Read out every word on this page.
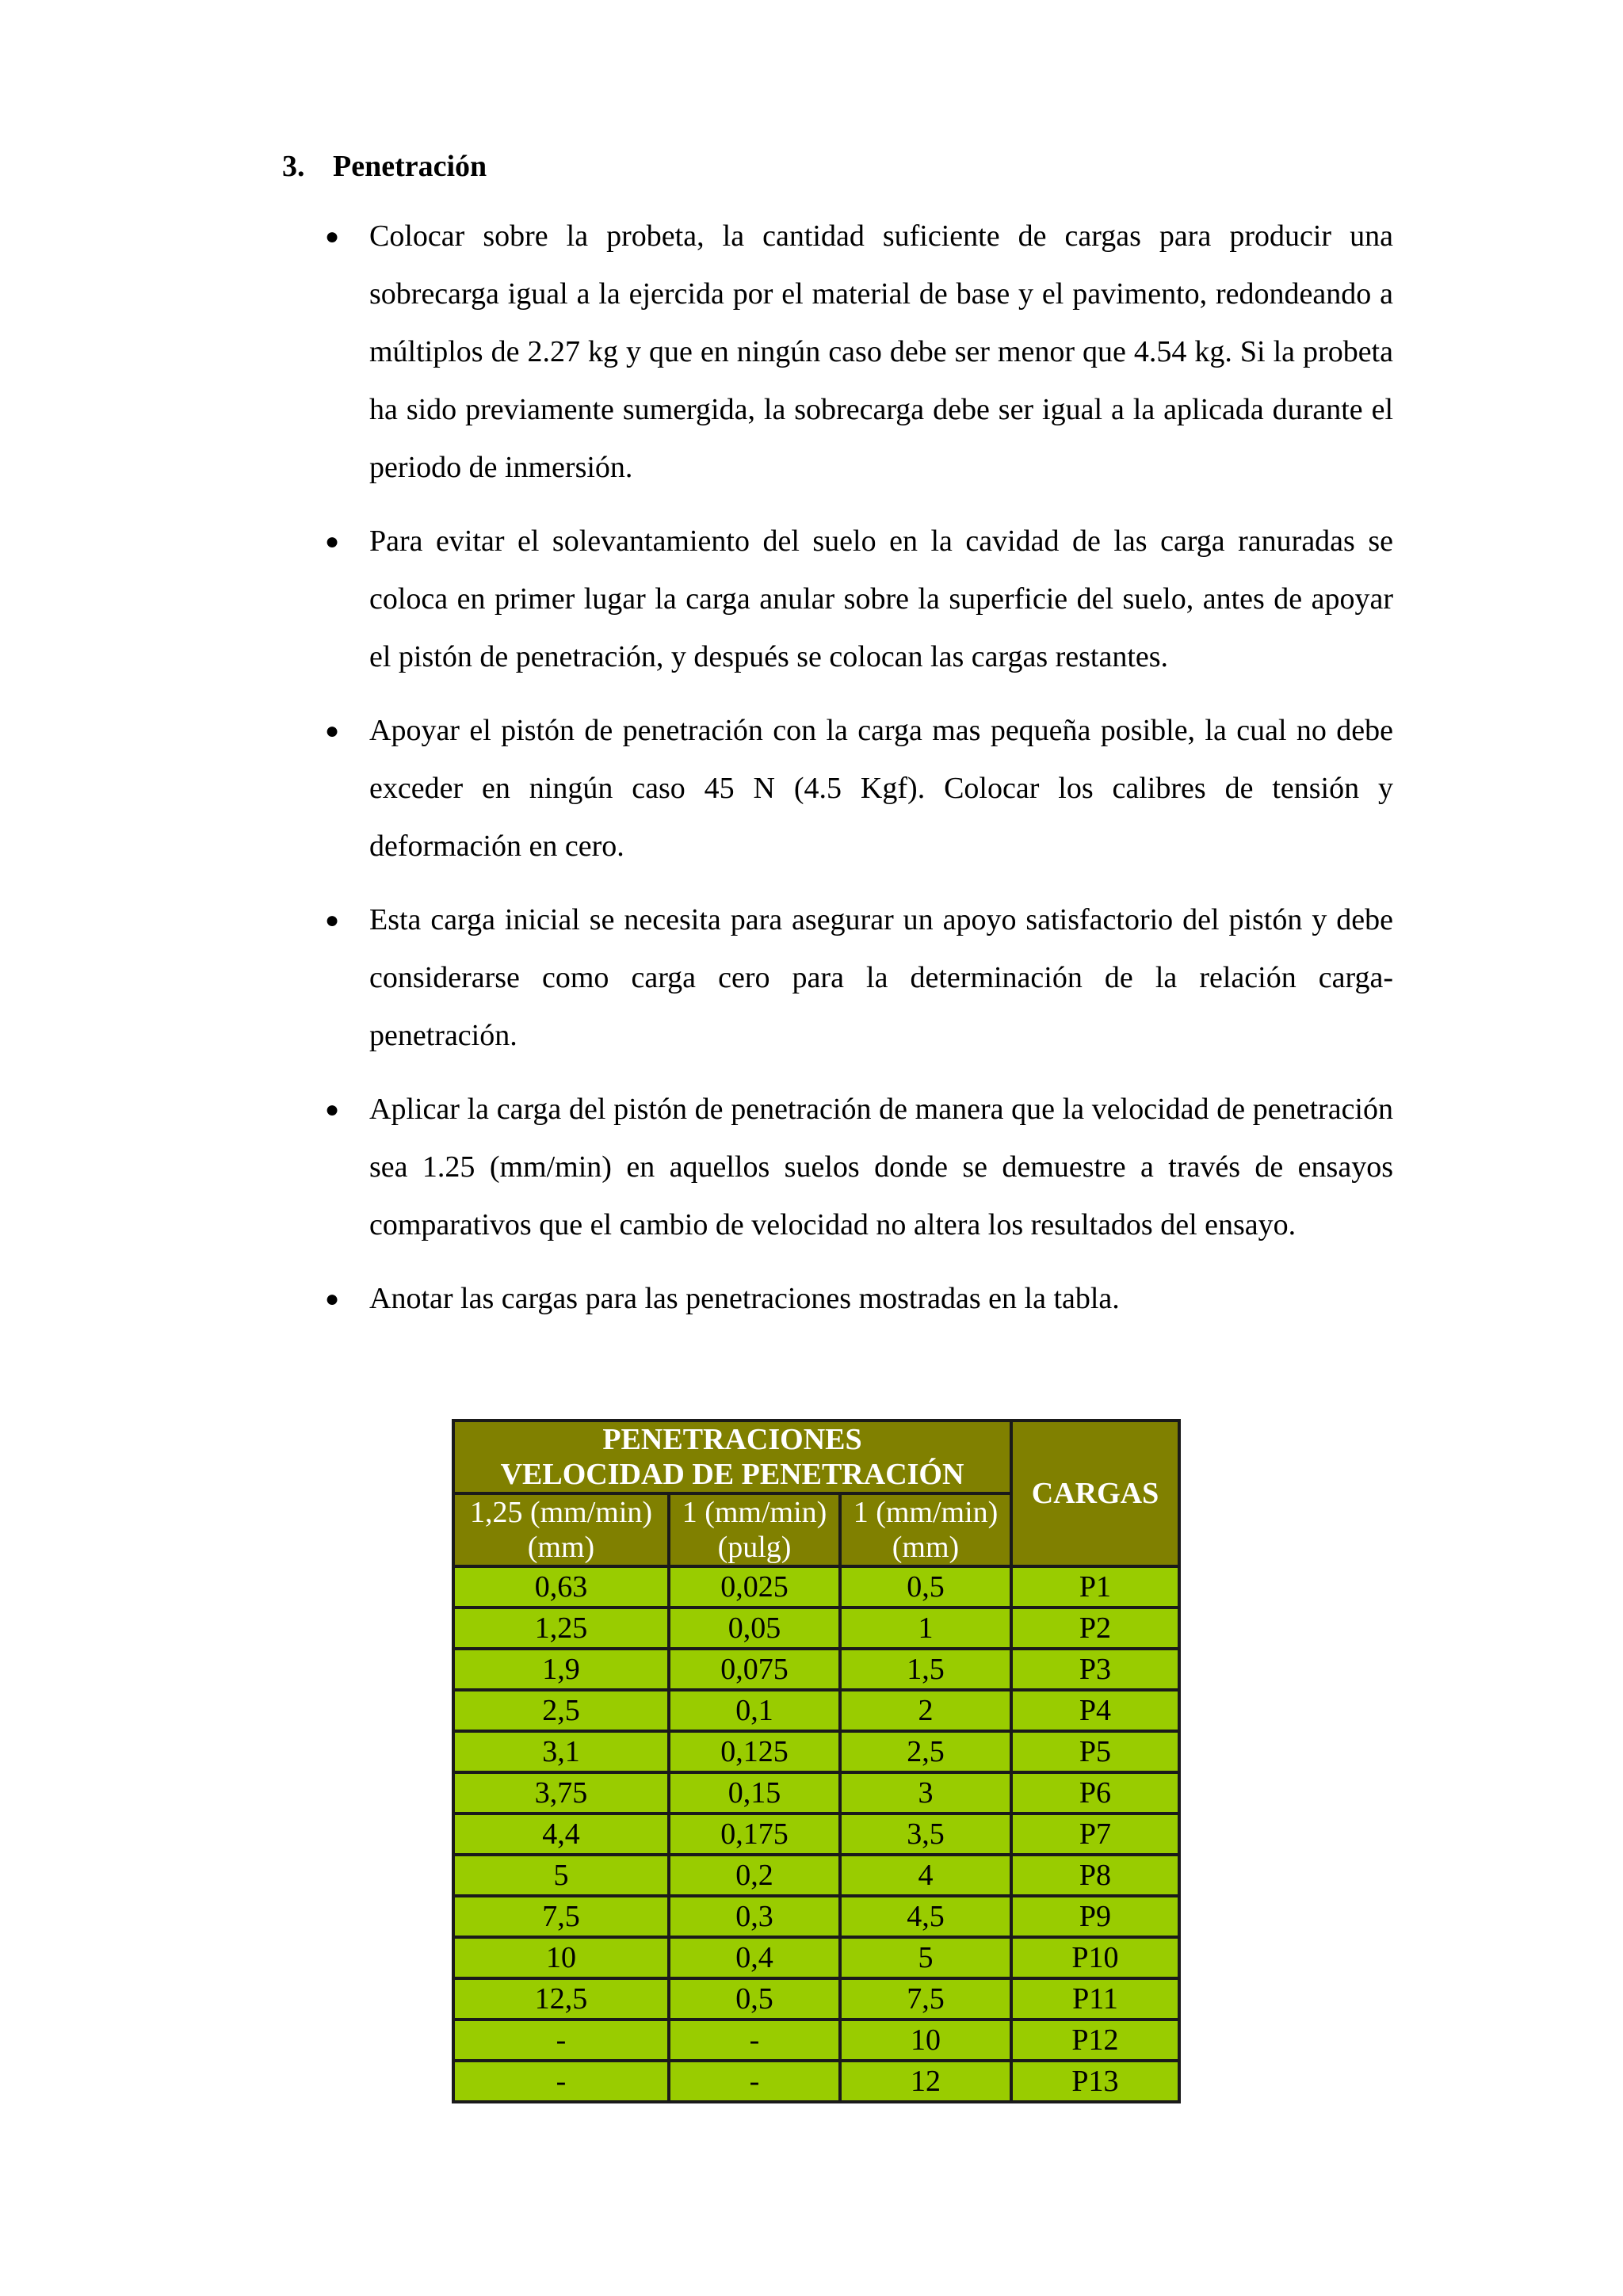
3. Penetración
● Colocar sobre la probeta, la cantidad suficiente de cargas para producir una sobrecarga igual a la ejercida por el material de base y el pavimento, redondeando a múltiplos de 2.27 kg y que en ningún caso debe ser menor que 4.54 kg. Si la probeta ha sido previamente sumergida, la sobrecarga debe ser igual a la aplicada durante el periodo de inmersión.
● Para evitar el solevantamiento del suelo en la cavidad de las carga ranuradas se coloca en primer lugar la carga anular sobre la superficie del suelo, antes de apoyar el pistón de penetración, y después se colocan las cargas restantes.
● Apoyar el pistón de penetración con la carga mas pequeña posible, la cual no debe exceder en ningún caso 45 N (4.5 Kgf). Colocar los calibres de tensión y deformación en cero.
● Esta carga inicial se necesita para asegurar un apoyo satisfactorio del pistón y debe considerarse como carga cero para la determinación de la relación carga-penetración.
● Aplicar la carga del pistón de penetración de manera que la velocidad de penetración sea 1.25 (mm/min) en aquellos suelos donde se demuestre a través de ensayos comparativos que el cambio de velocidad no altera los resultados del ensayo.
● Anotar las cargas para las penetraciones mostradas en la tabla.
PENETRACIONES			CARGAS
VELOCIDAD DE PENETRACIÓN			
1,25 (mm/min)	1 (mm/min)	1 (mm/min)	
(mm)	(pulg)	(mm)	
0,63	0,025	0,5	P1
1,25	0,05	1	P2
1,9	0,075	1,5	P3
2,5	0,1	2	P4
3,1	0,125	2,5	P5
3,75	0,15	3	P6
4,4	0,175	3,5	P7
5	0,2	4	P8
7,5	0,3	4,5	P9
10	0,4	5	P10
12,5	0,5	7,5	P11
-	-	10	P12
-	-	12	P13
